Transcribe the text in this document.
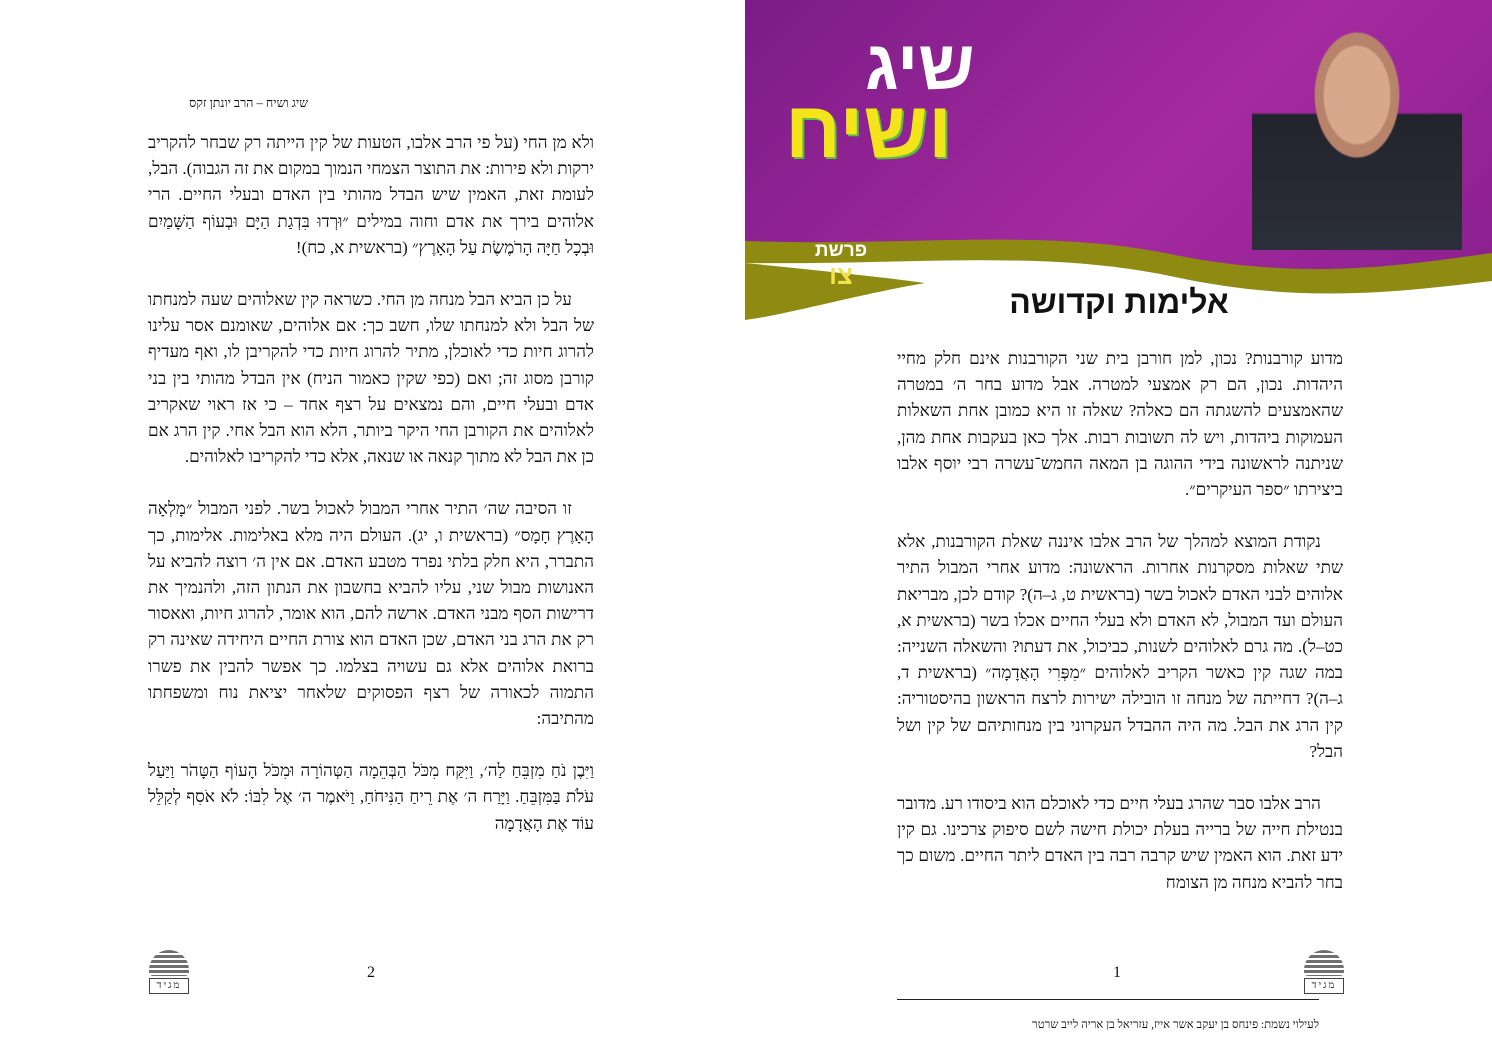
שיג ושיח – הרב יונתן זקס

ולא מן החי (על פי הרב אלבו, הטעות של קין הייתה רק שבחר להקריב ירקות ולא פירות: את התוצר הצמחי הנמוך במקום את זה הגבוה). הבל, לעומת זאת, האמין שיש הבדל מהותי בין האדם ובעלי החיים. הרי אלוהים בירך את אדם וחוה במילים ״וּרְדוּ בִּדְגַת הַיָּם וּבְעוֹף הַשָּׁמַיִם וּבְכָל חַיָּה הָרֹמֶשֶׂת עַל הָאָרֶץ״ (בראשית א, כח)!

על כן הביא הבל מנחה מן החי. כשראה קין שאלוהים שעה למנחתו של הבל ולא למנחתו שלו, חשב כך: אם אלוהים, שאומנם אסר עלינו להרוג חיות כדי לאוכלן, מתיר להרוג חיות כדי להקריבן לו, ואף מעדיף קורבן מסוג זה; ואם (כפי שקין כאמור הניח) אין הבדל מהותי בין בני אדם ובעלי חיים, והם נמצאים על רצף אחד – כי אז ראוי שאקריב לאלוהים את הקורבן החי היקר ביותר, הלא הוא הבל אחי. קין הרג אם כן את הבל לא מתוך קנאה או שנאה, אלא כדי להקריבו לאלוהים.

זו הסיבה שה׳ התיר אחרי המבול לאכול בשר. לפני המבול ״מָלְאָה הָאָרֶץ חָמָס״ (בראשית ו, יג). העולם היה מלא באלימות. אלימות, כך התברר, היא חלק בלתי נפרד מטבע האדם. אם אין ה׳ רוצה להביא על האנושות מבול שני, עליו להביא בחשבון את הנתון הזה, ולהנמיך את דרישות הסף מבני האדם. ארשה להם, הוא אומר, להרוג חיות, ואאסור רק את הרג בני האדם, שכן האדם הוא צורת החיים היחידה שאינה רק ברואת אלוהים אלא גם עשויה בצלמו. כך אפשר להבין את פשרו התמוה לכאורה של רצף הפסוקים שלאחר יציאת נוח ומשפחתו מהתיבה:

וַיִּבֶן נֹחַ מִזְבֵּחַ לַה׳, וַיִּקַּח מִכֹּל הַבְּהֵמָה הַטְּהוֹרָה וּמִכֹּל הָעוֹף הַטָּהֹר וַיַּעַל עֹלֹת בַּמִּזְבֵּחַ. וַיָּרַח ה׳ אֶת רֵיחַ הַנִּיחֹחַ, וַיֹּאמֶר ה׳ אֶל לִבּוֹ: לֹא אֹסִף לְקַלֵּל עוֹד אֶת הָאֲדָמָה

מגיד
2
שיג
ושיח
פרשת
צו
אלימות וקדושה

מדוע קורבנות? נכון, למן חורבן בית שני הקורבנות אינם חלק מחיי היהדות. נכון, הם רק אמצעי למטרה. אבל מדוע בחר ה׳ במטרה שהאמצעים להשגתה הם כאלה? שאלה זו היא כמובן אחת השאלות העמוקות ביהדות, ויש לה תשובות רבות. אלך כאן בעקבות אחת מהן, שניתנה לראשונה בידי ההוגה בן המאה החמש־עשרה רבי יוסף אלבו ביצירתו ״ספר העיקרים״.

נקודת המוצא למהלך של הרב אלבו איננה שאלת הקורבנות, אלא שתי שאלות מסקרנות אחרות. הראשונה: מדוע אחרי המבול התיר אלוהים לבני האדם לאכול בשר (בראשית ט, ג–ה)? קודם לכן, מבריאת העולם ועד המבול, לא האדם ולא בעלי החיים אכלו בשר (בראשית א, כט–ל). מה גרם לאלוהים לשנות, כביכול, את דעתו? והשאלה השנייה: במה שגה קין כאשר הקריב לאלוהים ״מִפְּרִי הָאֲדָמָה״ (בראשית ד, ג–ה)? דחייתה של מנחה זו הובילה ישירות לרצח הראשון בהיסטוריה: קין הרג את הבל. מה היה ההבדל העקרוני בין מנחותיהם של קין ושל הבל?

הרב אלבו סבר שהרג בעלי חיים כדי לאוכלם הוא ביסודו רע. מדובר בנטילת חייה של ברייה בעלת יכולת חישה לשם סיפוק צרכינו. גם קין ידע זאת. הוא האמין שיש קרבה רבה בין האדם ליתר החיים. משום כך בחר להביא מנחה מן הצומח

1
מגיד
לעילוי נשמת: פינחס בן יעקב אשר אייז, עזריאל בן אריה לייב שרטר
